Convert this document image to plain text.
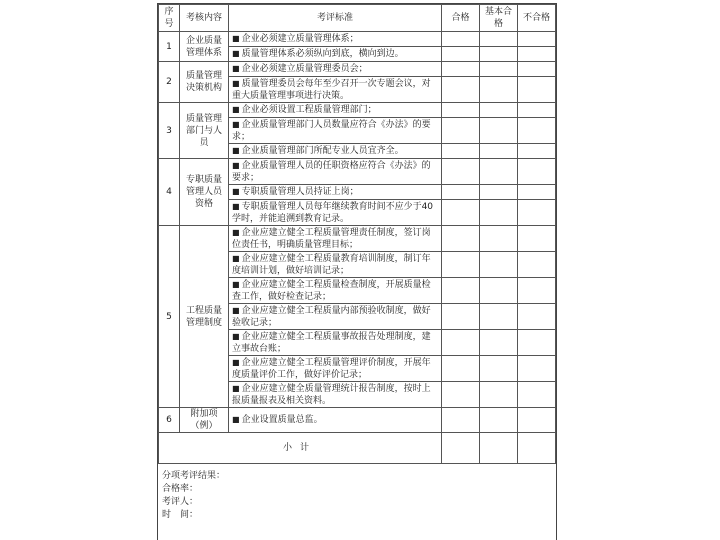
序号	考核内容	考评标准	合格	基本合格	不合格
1	企业质量管理体系	■ 企业必须建立质量管理体系；			
		■ 质量管理体系必须纵向到底，横向到边。			
2	质量管理决策机构	■ 企业必须建立质量管理委员会；			
		■ 质量管理委员会每年至少召开一次专题会议，对重大质量管理事项进行决策。			
3	质量管理部门与人员	■ 企业必须设置工程质量管理部门；			
		■ 企业质量管理部门人员数量应符合《办法》的要求；			
		■ 企业质量管理部门所配专业人员宜齐全。			
4	专职质量管理人员资格	■ 企业质量管理人员的任职资格应符合《办法》的要求；			
		■ 专职质量管理人员持证上岗；			
		■ 专职质量管理人员每年继续教育时间不应少于40学时，并能追溯到教育记录。			
5	工程质量管理制度	■ 企业应建立健全工程质量管理责任制度，签订岗位责任书，明确质量管理目标；			
		■ 企业应建立健全工程质量教育培训制度，制订年度培训计划，做好培训记录；			
		■ 企业应建立健全工程质量检查制度，开展质量检查工作，做好检查记录；			
		■ 企业应建立健全工程质量内部预验收制度，做好验收记录；			
		■ 企业应建立健全工程质量事故报告处理制度，建立事故台账；			
		■ 企业应建立健全工程质量管理评价制度，开展年度质量评价工作，做好评价记录；			
		■ 企业应建立健全质量管理统计报告制度，按时上报质量报表及相关资料。			
6	附加项（例）	■ 企业设置质量总监。			
小计					
分项考评结果：
合格率：
考评人：
时　间：
